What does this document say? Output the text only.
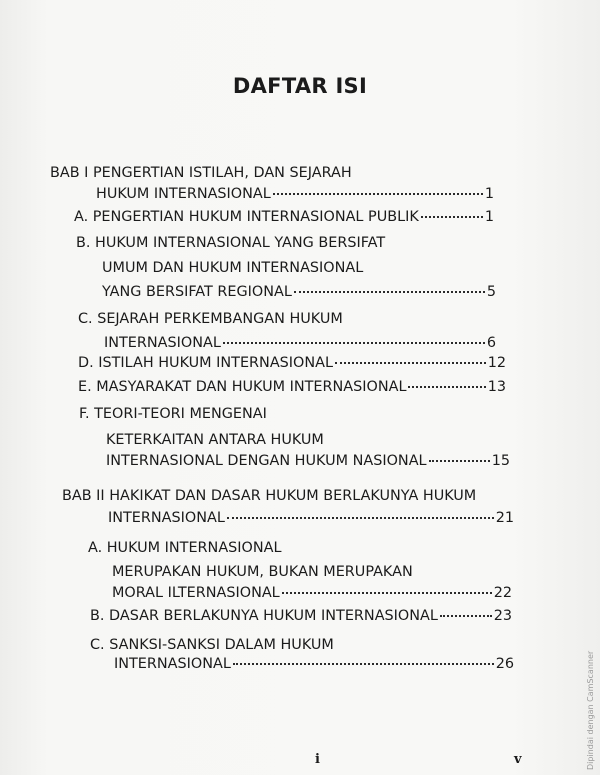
DAFTAR ISI
BAB I PENGERTIAN ISTILAH, DAN SEJARAH
HUKUM INTERNASIONAL	1
A. PENGERTIAN HUKUM INTERNASIONAL PUBLIK	1
B. HUKUM INTERNASIONAL YANG BERSIFAT
UMUM DAN HUKUM INTERNASIONAL
YANG BERSIFAT REGIONAL	5
C. SEJARAH PERKEMBANGAN HUKUM
INTERNASIONAL	6
D. ISTILAH HUKUM INTERNASIONAL	12
E. MASYARAKAT DAN HUKUM INTERNASIONAL	13
F. TEORI-TEORI MENGENAI
KETERKAITAN ANTARA HUKUM
INTERNASIONAL DENGAN HUKUM NASIONAL	15
BAB II HAKIKAT DAN DASAR HUKUM BERLAKUNYA HUKUM
INTERNASIONAL	21
A. HUKUM INTERNASIONAL
MERUPAKAN HUKUM, BUKAN MERUPAKAN
MORAL ILTERNASIONAL	22
B. DASAR BERLAKUNYA HUKUM INTERNASIONAL	23
C. SANKSI-SANKSI DALAM HUKUM
INTERNASIONAL	26
i	v	Dipindai dengan CamScanner
